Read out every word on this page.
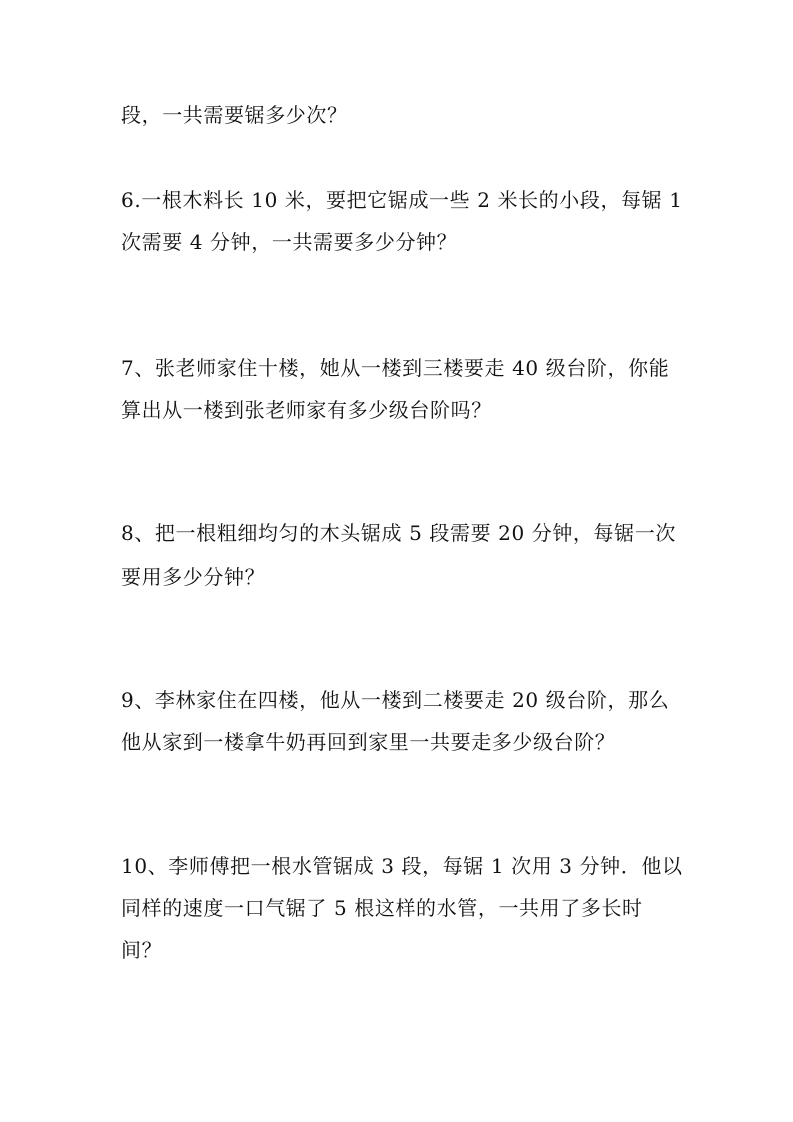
段，一共需要锯多少次？
6.一根木料长 10 米，要把它锯成一些 2 米长的小段，每锯 1
次需要 4 分钟，一共需要多少分钟？
7、张老师家住十楼，她从一楼到三楼要走 40 级台阶，你能
算出从一楼到张老师家有多少级台阶吗？
8、把一根粗细均匀的木头锯成 5 段需要 20 分钟，每锯一次
要用多少分钟？
9、李林家住在四楼，他从一楼到二楼要走 20 级台阶，那么
他从家到一楼拿牛奶再回到家里一共要走多少级台阶？
10、李师傅把一根水管锯成 3 段，每锯 1 次用 3 分钟．他以
同样的速度一口气锯了 5 根这样的水管，一共用了多长时
间？
